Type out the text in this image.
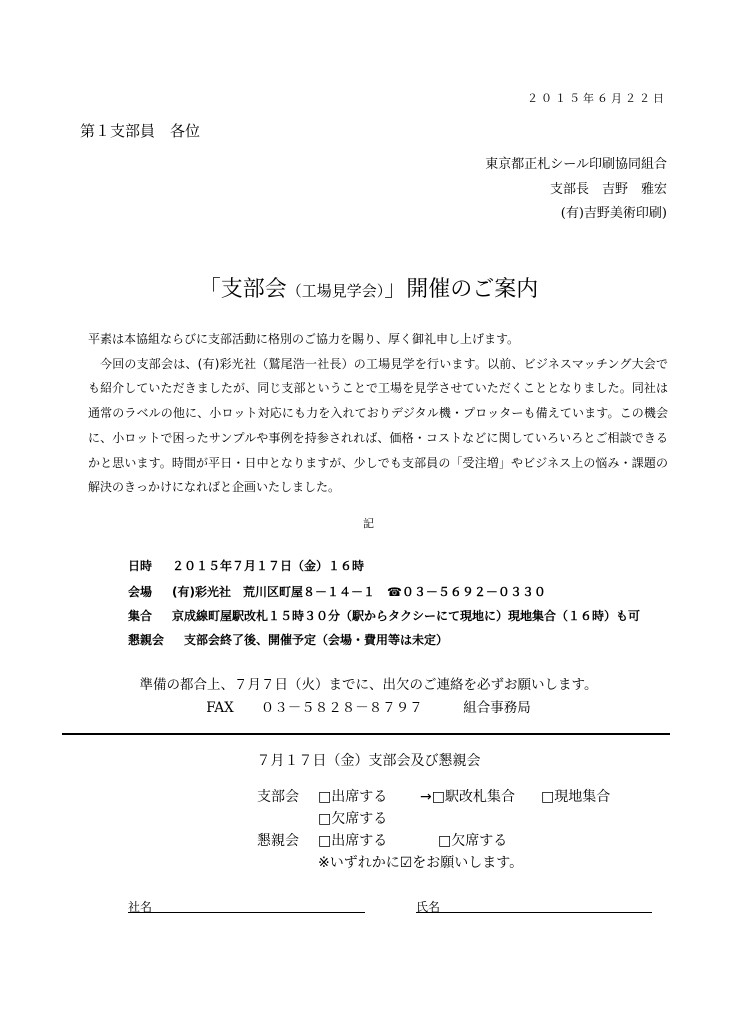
２０１５年６月２２日
第１支部員　各位
東京都正札シール印刷協同組合
支部長　吉野　雅宏
(有)吉野美術印刷)
「支部会（工場見学会）」開催のご案内

平素は本協組ならびに支部活動に格別のご協力を賜り、厚く御礼申し上げます。

今回の支部会は、(有)彩光社（鷲尾浩一社長）の工場見学を行います。以前、ビジネスマッチング大会でも紹介していただきましたが、同じ支部ということで工場を見学させていただくこととなりました。同社は通常のラベルの他に、小ロット対応にも力を入れておりデジタル機・プロッターも備えています。この機会に、小ロットで困ったサンプルや事例を持参されれば、価格・コストなどに関していろいろとご相談できるかと思います。時間が平日・日中となりますが、少しでも支部員の「受注増」やビジネス上の悩み・課題の解決のきっかけになればと企画いたしました。

記
日時 ２０１５年７月１７日（金）１６時
会場 (有)彩光社　荒川区町屋８－１４－１　☎０３－５６９２－０３３０
集合 京成線町屋駅改札１５時３０分（駅からタクシーにて現地に）現地集合（１６時）も可
懇親会 支部会終了後、開催予定（会場・費用等は未定）
準備の都合上、７月７日（火）までに、出欠のご連絡を必ずお願いします。
FAX　　０３－５８２８－８７９７　　　組合事務局
７月１７日（金）支部会及び懇親会
支部会 □出席する →□駅改札集合 □現地集合
□欠席する
懇親会 □出席する	□欠席する
※いずれかに☑をお願いします。
社名	氏名
